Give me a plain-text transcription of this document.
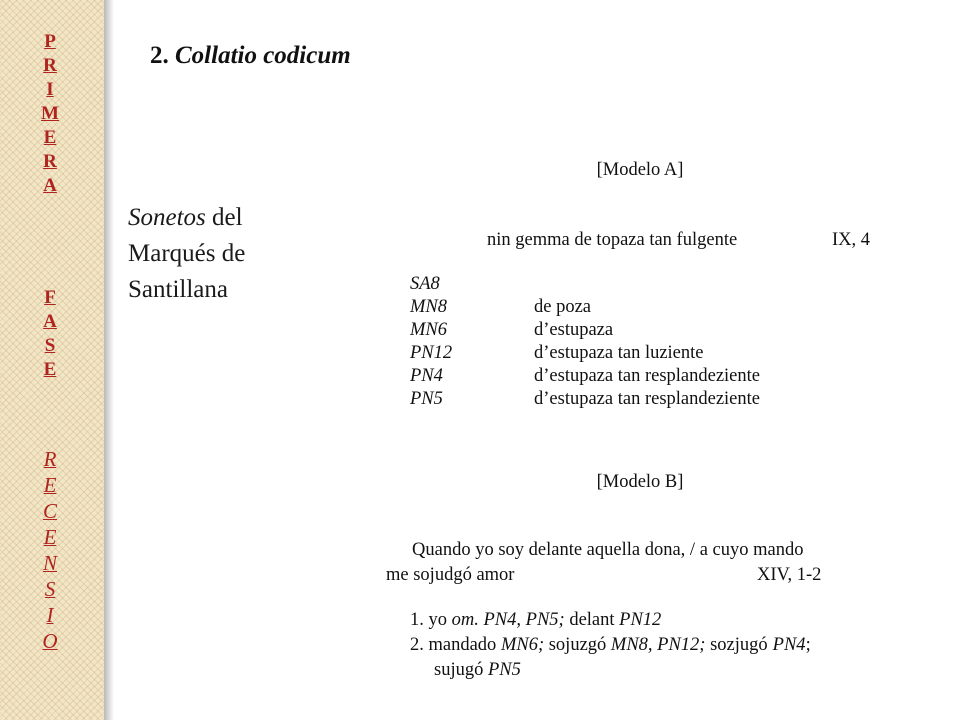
P
R
I
M
E
R
A
F
A
S
E
R
E
C
E
N
S
I
O
2. Collatio codicum
Sonetos del
Marqués de
Santillana
[Modelo A]
nin gemma de topaza tan fulgente	IX, 4
SA8
MN8	de poza
MN6	d’estupaza
PN12	d’estupaza tan luziente
PN4	d’estupaza tan resplandeziente
PN5	d’estupaza tan resplandeziente
[Modelo B]
Quando yo soy delante aquella dona, / a cuyo mando
me sojudgó amor	XIV, 1-2
1. yo om. PN4, PN5; delant PN12
2. mandado MN6; sojuzgó MN8, PN12; sozjugó PN4;
sujugó PN5
